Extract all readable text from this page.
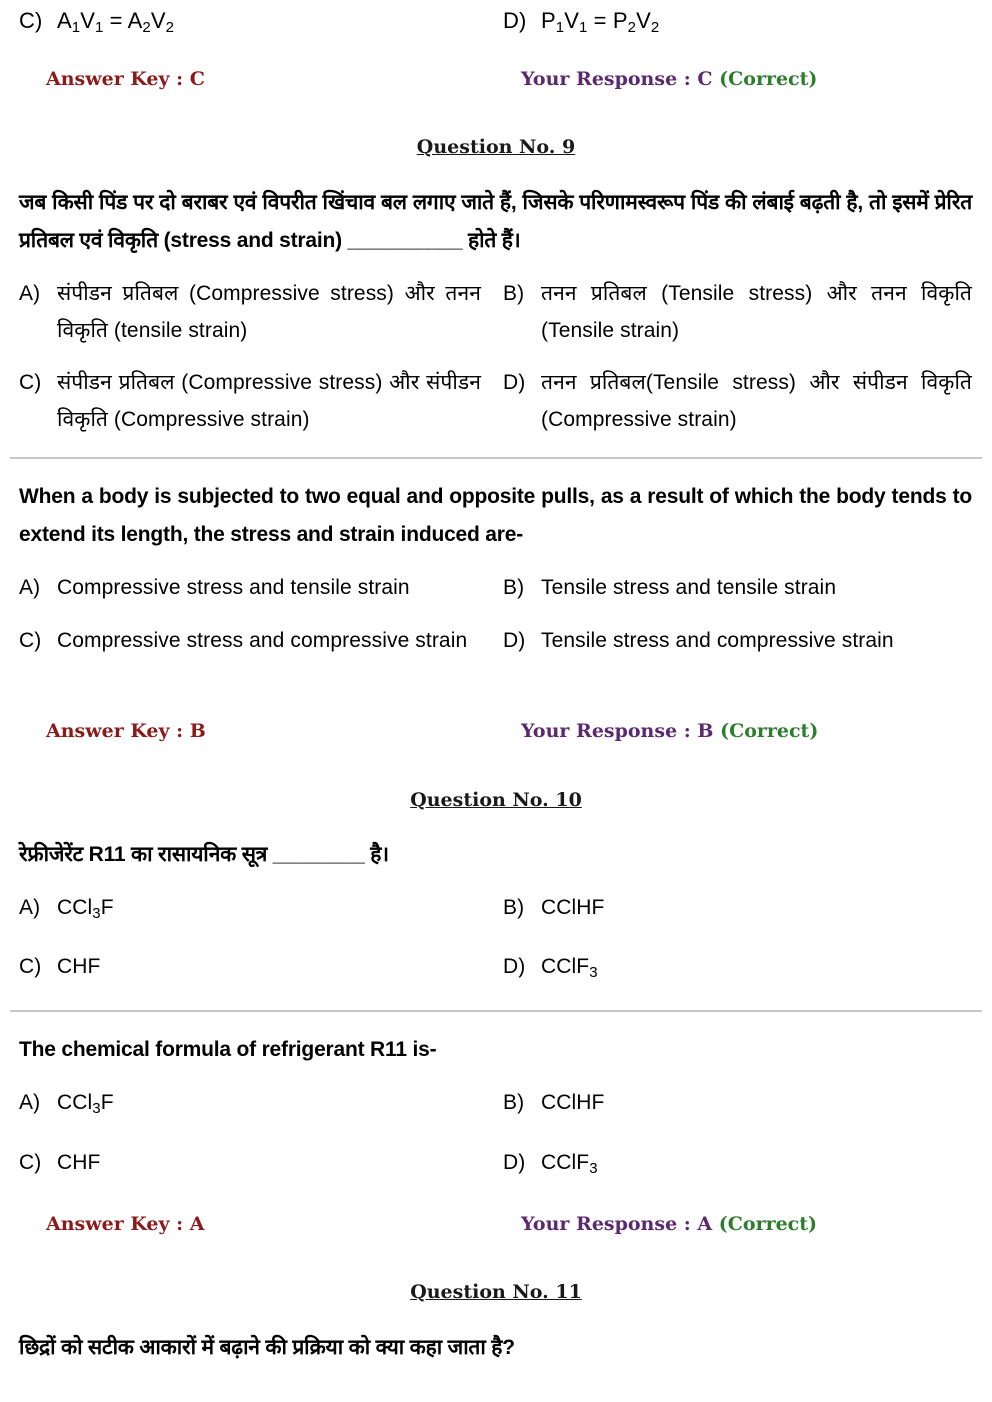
C) $A_1V_1 = A_2V_2$	D) $P_1V_1 = P_2V_2$
Answer Key : C	Your Response : C (Correct)
Question No. 9
जब किसी पिंड पर दो बराबर एवं विपरीत खिंचाव बल लगाए जाते हैं, जिसके परिणामस्वरूप पिंड की लंबाई बढ़ती है, तो इसमें प्रेरित प्रतिबल एवं विकृति (stress and strain) __________ होते हैं।
A) संपीडन प्रतिबल (Compressive stress) और तनन विकृति (tensile strain)
B) तनन प्रतिबल (Tensile stress) और तनन विकृति (Tensile strain)
C) संपीडन प्रतिबल (Compressive stress) और संपीडन विकृति (Compressive strain)
D) तनन प्रतिबल(Tensile stress) और संपीडन विकृति (Compressive strain)
When a body is subjected to two equal and opposite pulls, as a result of which the body tends to extend its length, the stress and strain induced are-
A) Compressive stress and tensile strain	B) Tensile stress and tensile strain
C) Compressive stress and compressive strain	D) Tensile stress and compressive strain
Answer Key : B	Your Response : B (Correct)
Question No. 10
रेफ्रीजेरेंट R11 का रासायनिक सूत्र ________ है।
A) CCl$_3$F	B) CClHF
C) CHF	D) CClF$_3$
The chemical formula of refrigerant R11 is-
A) CCl$_3$F	B) CClHF
C) CHF	D) CClF$_3$
Answer Key : A	Your Response : A (Correct)
Question No. 11
छिद्रों को सटीक आकारों में बढ़ाने की प्रक्रिया को क्या कहा जाता है?
